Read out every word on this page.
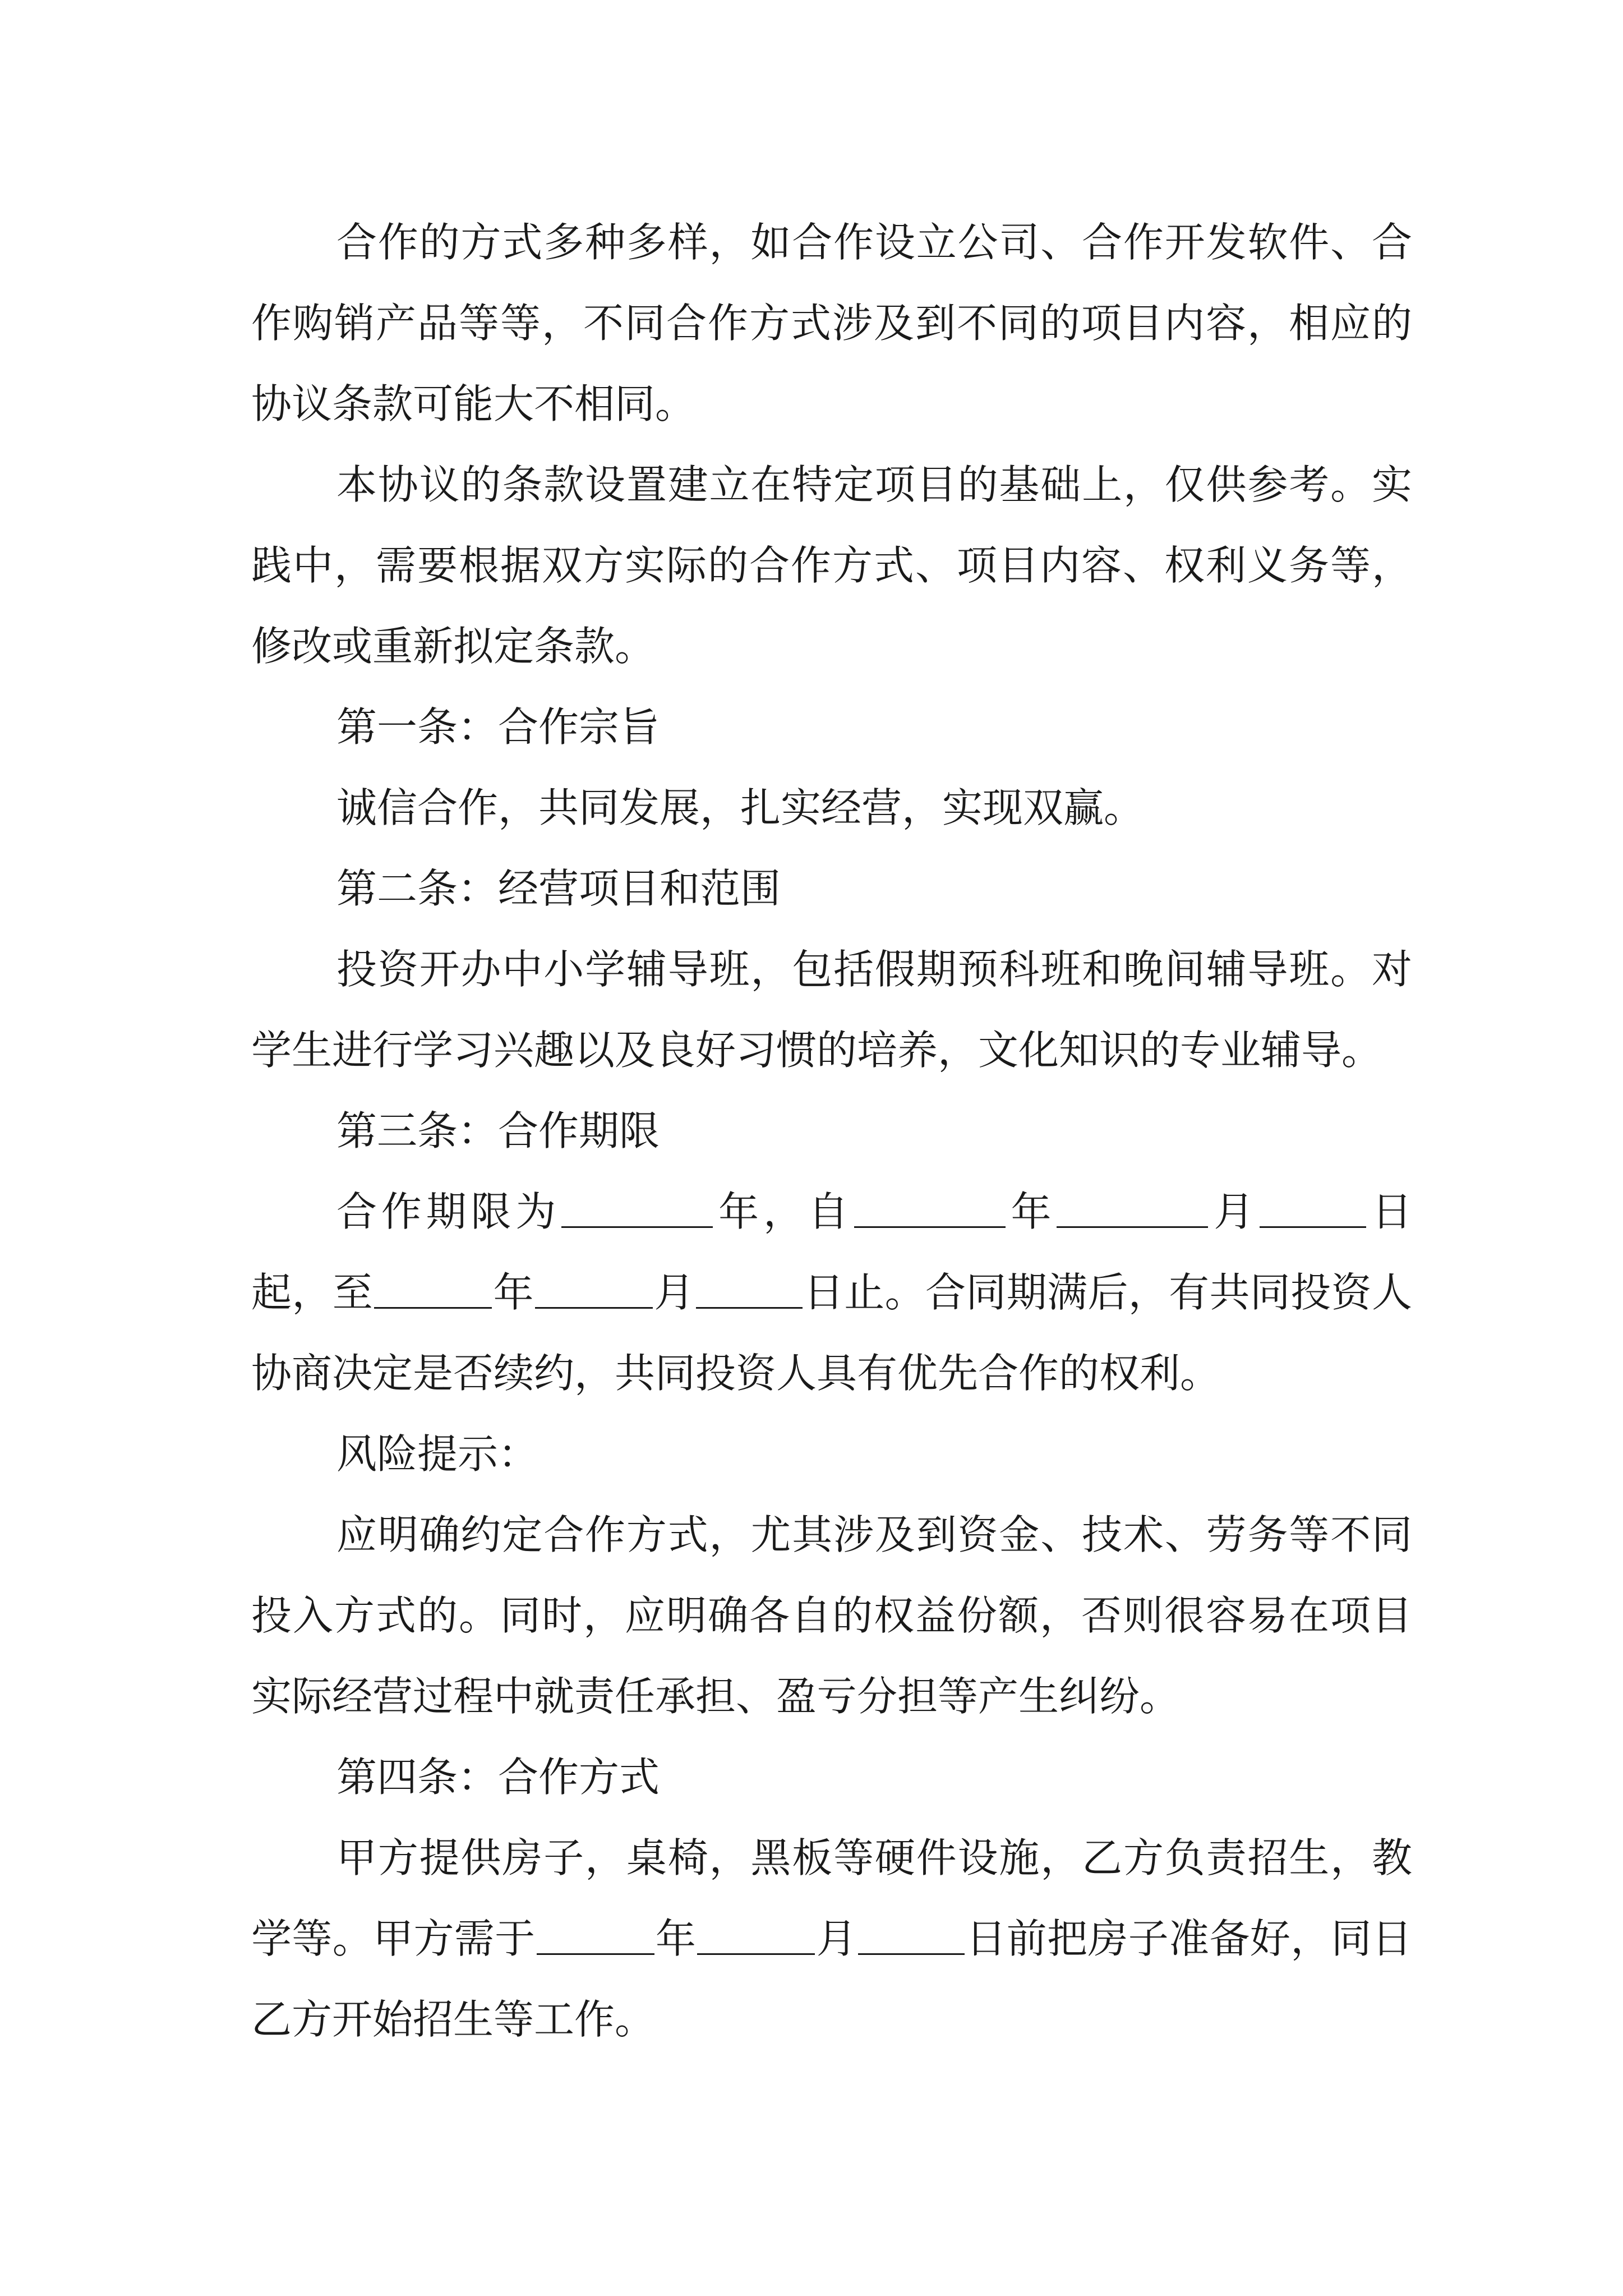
合作的方式多种多样，如合作设立公司、合作开发软件、合作购销产品等等，不同合作方式涉及到不同的项目内容，相应的协议条款可能大不相同。

本协议的条款设置建立在特定项目的基础上，仅供参考。实践中，需要根据双方实际的合作方式、项目内容、权利义务等，修改或重新拟定条款。

第一条：合作宗旨

诚信合作，共同发展，扎实经营，实现双赢。

第二条：经营项目和范围

投资开办中小学辅导班，包括假期预科班和晚间辅导班。对学生进行学习兴趣以及良好习惯的培养，文化知识的专业辅导。

第三条：合作期限

合作期限为	年，自	年	月	日起，至	年	月	日止。合同期满后，有共同投资人协商决定是否续约，共同投资人具有优先合作的权利。

风险提示：

应明确约定合作方式，尤其涉及到资金、技术、劳务等不同投入方式的。同时，应明确各自的权益份额，否则很容易在项目实际经营过程中就责任承担、盈亏分担等产生纠纷。

第四条：合作方式

甲方提供房子，桌椅，黑板等硬件设施，乙方负责招生，教学等。甲方需于	年	月	日前把房子准备好，同日乙方开始招生等工作。
